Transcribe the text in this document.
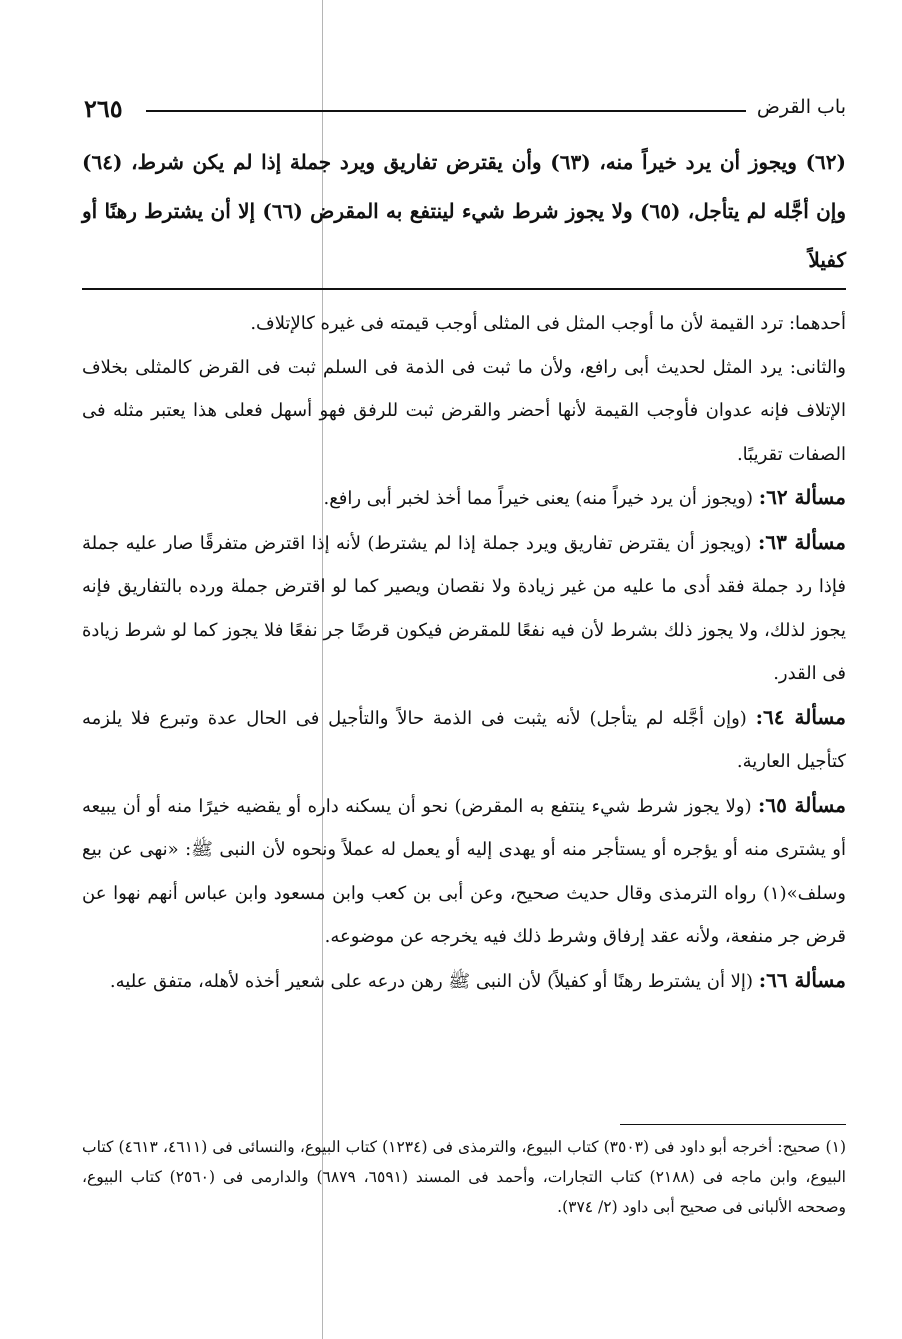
٢٦٥	باب القرض
(٦٢) ويجوز أن يرد خيراً منه، (٦٣) وأن يقترض تفاريق ويرد جملة إذا لم يكن شرط، (٦٤) وإن أجَّله لم يتأجل، (٦٥) ولا يجوز شرط شيء لينتفع به المقرض (٦٦) إلا أن يشترط رهنًا أو كفيلاً

أحدهما: ترد القيمة لأن ما أوجب المثل فى المثلى أوجب قيمته فى غيره كالإتلاف.

والثانى: يرد المثل لحديث أبى رافع، ولأن ما ثبت فى الذمة فى السلم ثبت فى القرض كالمثلى بخلاف الإتلاف فإنه عدوان فأوجب القيمة لأنها أحضر والقرض ثبت للرفق فهو أسهل فعلى هذا يعتبر مثله فى الصفات تقريبًا.

مسألة ٦٢: (ويجوز أن يرد خيراً منه) يعنى خيراً مما أخذ لخبر أبى رافع.

مسألة ٦٣: (ويجوز أن يقترض تفاريق ويرد جملة إذا لم يشترط) لأنه إذا اقترض متفرقًا صار عليه جملة فإذا رد جملة فقد أدى ما عليه من غير زيادة ولا نقصان ويصير كما لو اقترض جملة ورده بالتفاريق فإنه يجوز لذلك، ولا يجوز ذلك بشرط لأن فيه نفعًا للمقرض فيكون قرضًا جر نفعًا فلا يجوز كما لو شرط زيادة فى القدر.

مسألة ٦٤: (وإن أجَّله لم يتأجل) لأنه يثبت فى الذمة حالاً والتأجيل فى الحال عدة وتبرع فلا يلزمه كتأجيل العارية.

مسألة ٦٥: (ولا يجوز شرط شيء ينتفع به المقرض) نحو أن يسكنه داره أو يقضيه خيرًا منه أو أن يبيعه أو يشترى منه أو يؤجره أو يستأجر منه أو يهدى إليه أو يعمل له عملاً ونحوه لأن النبى ﷺ: «نهى عن بيع وسلف»(١) رواه الترمذى وقال حديث صحيح، وعن أبى بن كعب وابن مسعود وابن عباس أنهم نهوا عن قرض جر منفعة، ولأنه عقد إرفاق وشرط ذلك فيه يخرجه عن موضوعه.

مسألة ٦٦: (إلا أن يشترط رهنًا أو كفيلاً) لأن النبى ﷺ رهن درعه على شعير أخذه لأهله، متفق عليه.

(١) صحيح: أخرجه أبو داود فى (٣٥٠٣) كتاب البيوع، والترمذى فى (١٢٣٤) كتاب البيوع، والنسائى فى (٤٦١١، ٤٦١٣) كتاب البيوع، وابن ماجه فى (٢١٨٨) كتاب التجارات، وأحمد فى المسند (٦٥٩١، ٦٨٧٩) والدارمى فى (٢٥٦٠) كتاب البيوع، وصححه الألبانى فى صحيح أبى داود (٢/ ٣٧٤).
